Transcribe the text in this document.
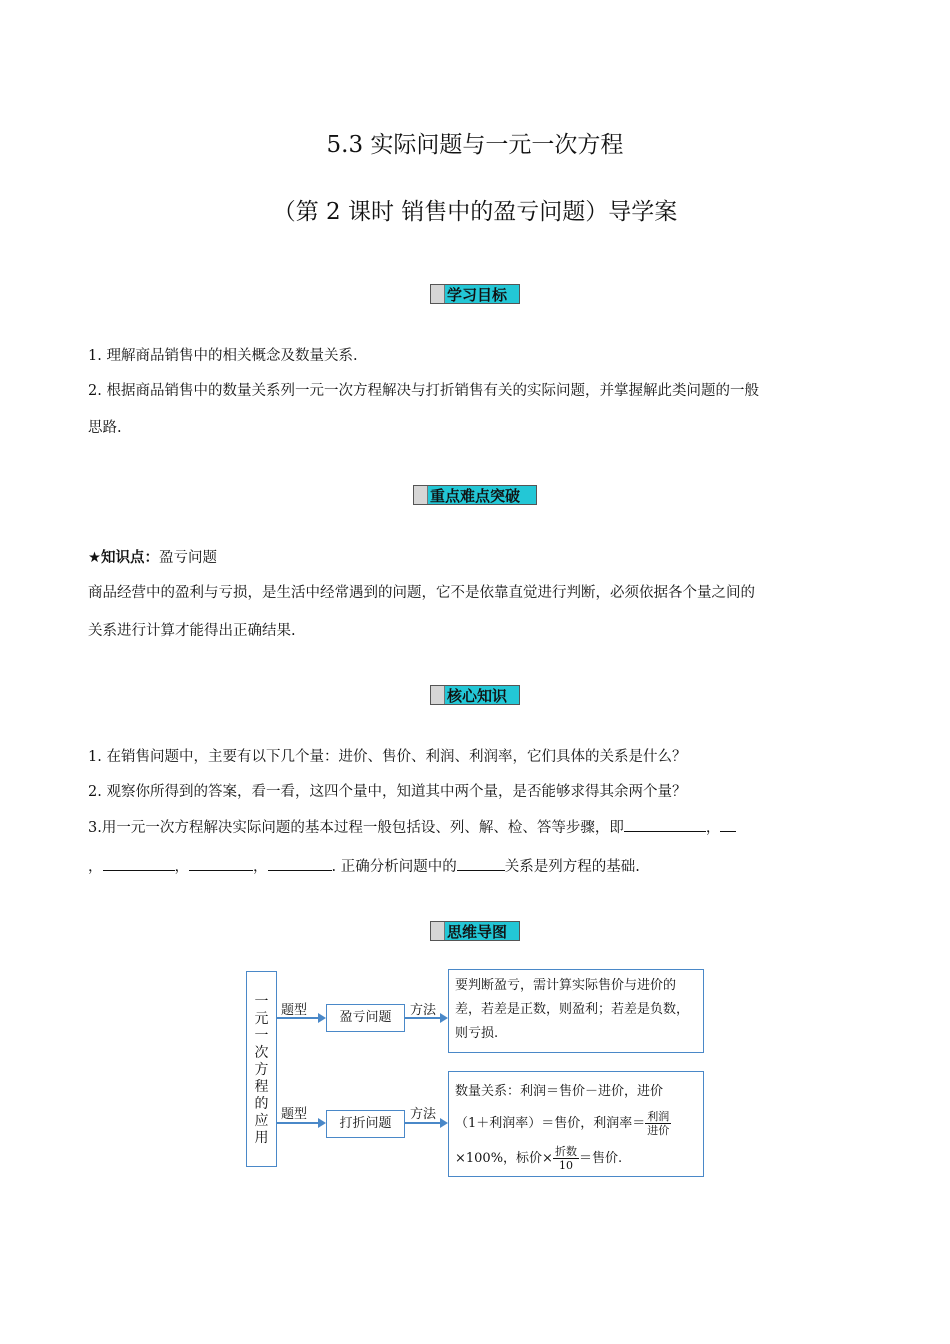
5.3 实际问题与一元一次方程
（第 2 课时 销售中的盈亏问题）导学案
学习目标
1. 理解商品销售中的相关概念及数量关系.
2. 根据商品销售中的数量关系列一元一次方程解决与打折销售有关的实际问题，并掌握解此类问题的一般
思路.
重点难点突破
★知识点：盈亏问题
商品经营中的盈利与亏损，是生活中经常遇到的问题，它不是依靠直觉进行判断，必须依据各个量之间的
关系进行计算才能得出正确结果.
核心知识
1. 在销售问题中，主要有以下几个量：进价、售价、利润、利润率，它们具体的关系是什么？
2. 观察你所得到的答案，看一看，这四个量中，知道其中两个量，是否能够求得其余两个量？
3.用一元一次方程解决实际问题的基本过程一般包括设、列、解、检、答等步骤，即	，
，	，	，	. 正确分析问题中的	关系是列方程的基础.
思维导图
一
元
一
次
方
程
的
应
用
题型	盈亏问题	方法
要判断盈亏，需计算实际售价与进价的差，若差是正数，则盈利；若差是负数，则亏损.
题型
打折问题
方法
数量关系：利润＝售价－进价，进价
（1＋利润率）＝售价，利润率＝ $\frac{\text{利润}}{\text{进价}}$
×100%，标价× $\frac{\text{折数}}{10}$ ＝售价.
